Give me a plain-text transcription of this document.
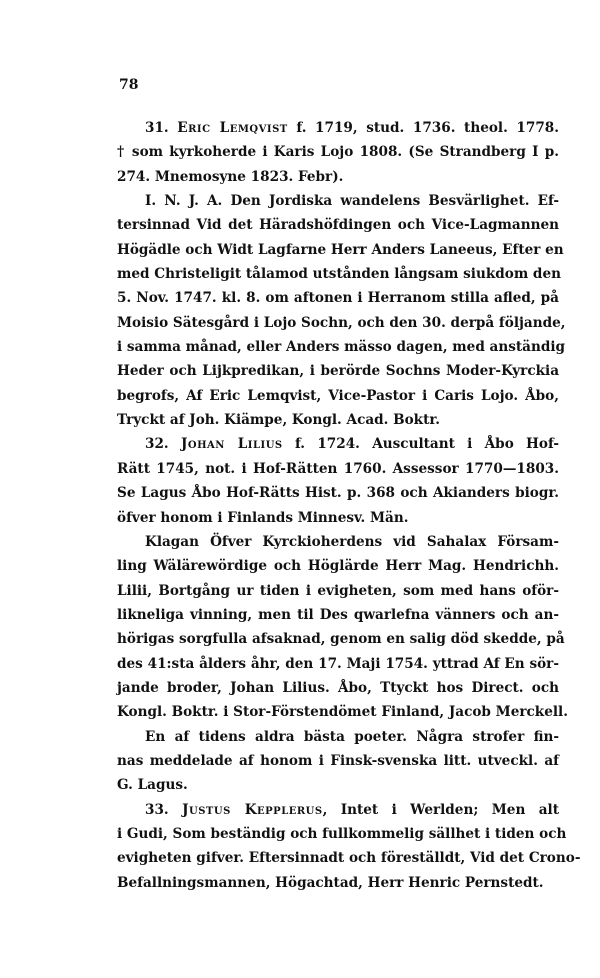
78
31. Eric Lemqvist f. 1719, stud. 1736. theol. 1778.
† som kyrkoherde i Karis Lojo 1808. (Se Strandberg I p.
274. Mnemosyne 1823. Febr).
I. N. J. A. Den Jordiska wandelens Besvärlighet. Ef-
tersinnad Vid det Häradshöfdingen och Vice-Lagmannen
Högädle och Widt Lagfarne Herr Anders Laneeus, Efter en
med Christeligit tålamod utstånden långsam siukdom den
5. Nov. 1747. kl. 8. om aftonen i Herranom stilla afled, på
Moisio Sätesgård i Lojo Sochn, och den 30. derpå följande,
i samma månad, eller Anders mässo dagen, med anständig
Heder och Lijkpredikan, i berörde Sochns Moder-Kyrckia
begrofs, Af Eric Lemqvist, Vice-Pastor i Caris Lojo. Åbo,
Tryckt af Joh. Kiämpe, Kongl. Acad. Boktr.
32. Johan Lilius f. 1724. Auscultant i Åbo Hof-
Rätt 1745, not. i Hof-Rätten 1760. Assessor 1770—1803.
Se Lagus Åbo Hof-Rätts Hist. p. 368 och Akianders biogr.
öfver honom i Finlands Minnesv. Män.
Klagan Öfver Kyrckioherdens vid Sahalax Försam-
ling Wälärewördige och Höglärde Herr Mag. Hendrichh.
Lilii, Bortgång ur tiden i evigheten, som med hans oför-
likneliga vinning, men til Des qwarlefna vänners och an-
hörigas sorgfulla afsaknad, genom en salig död skedde, på
des 41:sta ålders åhr, den 17. Maji 1754. yttrad Af En sör-
jande broder, Johan Lilius. Åbo, Ttyckt hos Direct. och
Kongl. Boktr. i Stor-Förstendömet Finland, Jacob Merckell.
En af tidens aldra bästa poeter. Några strofer fin-
nas meddelade af honom i Finsk-svenska litt. utveckl. af
G. Lagus.
33. Justus Kepplerus, Intet i Werlden; Men alt
i Gudi, Som beständig och fullkommelig sällhet i tiden och
evigheten gifver. Eftersinnadt och föreställdt, Vid det Crono-
Befallningsmannen, Högachtad, Herr Henric Pernstedt.
